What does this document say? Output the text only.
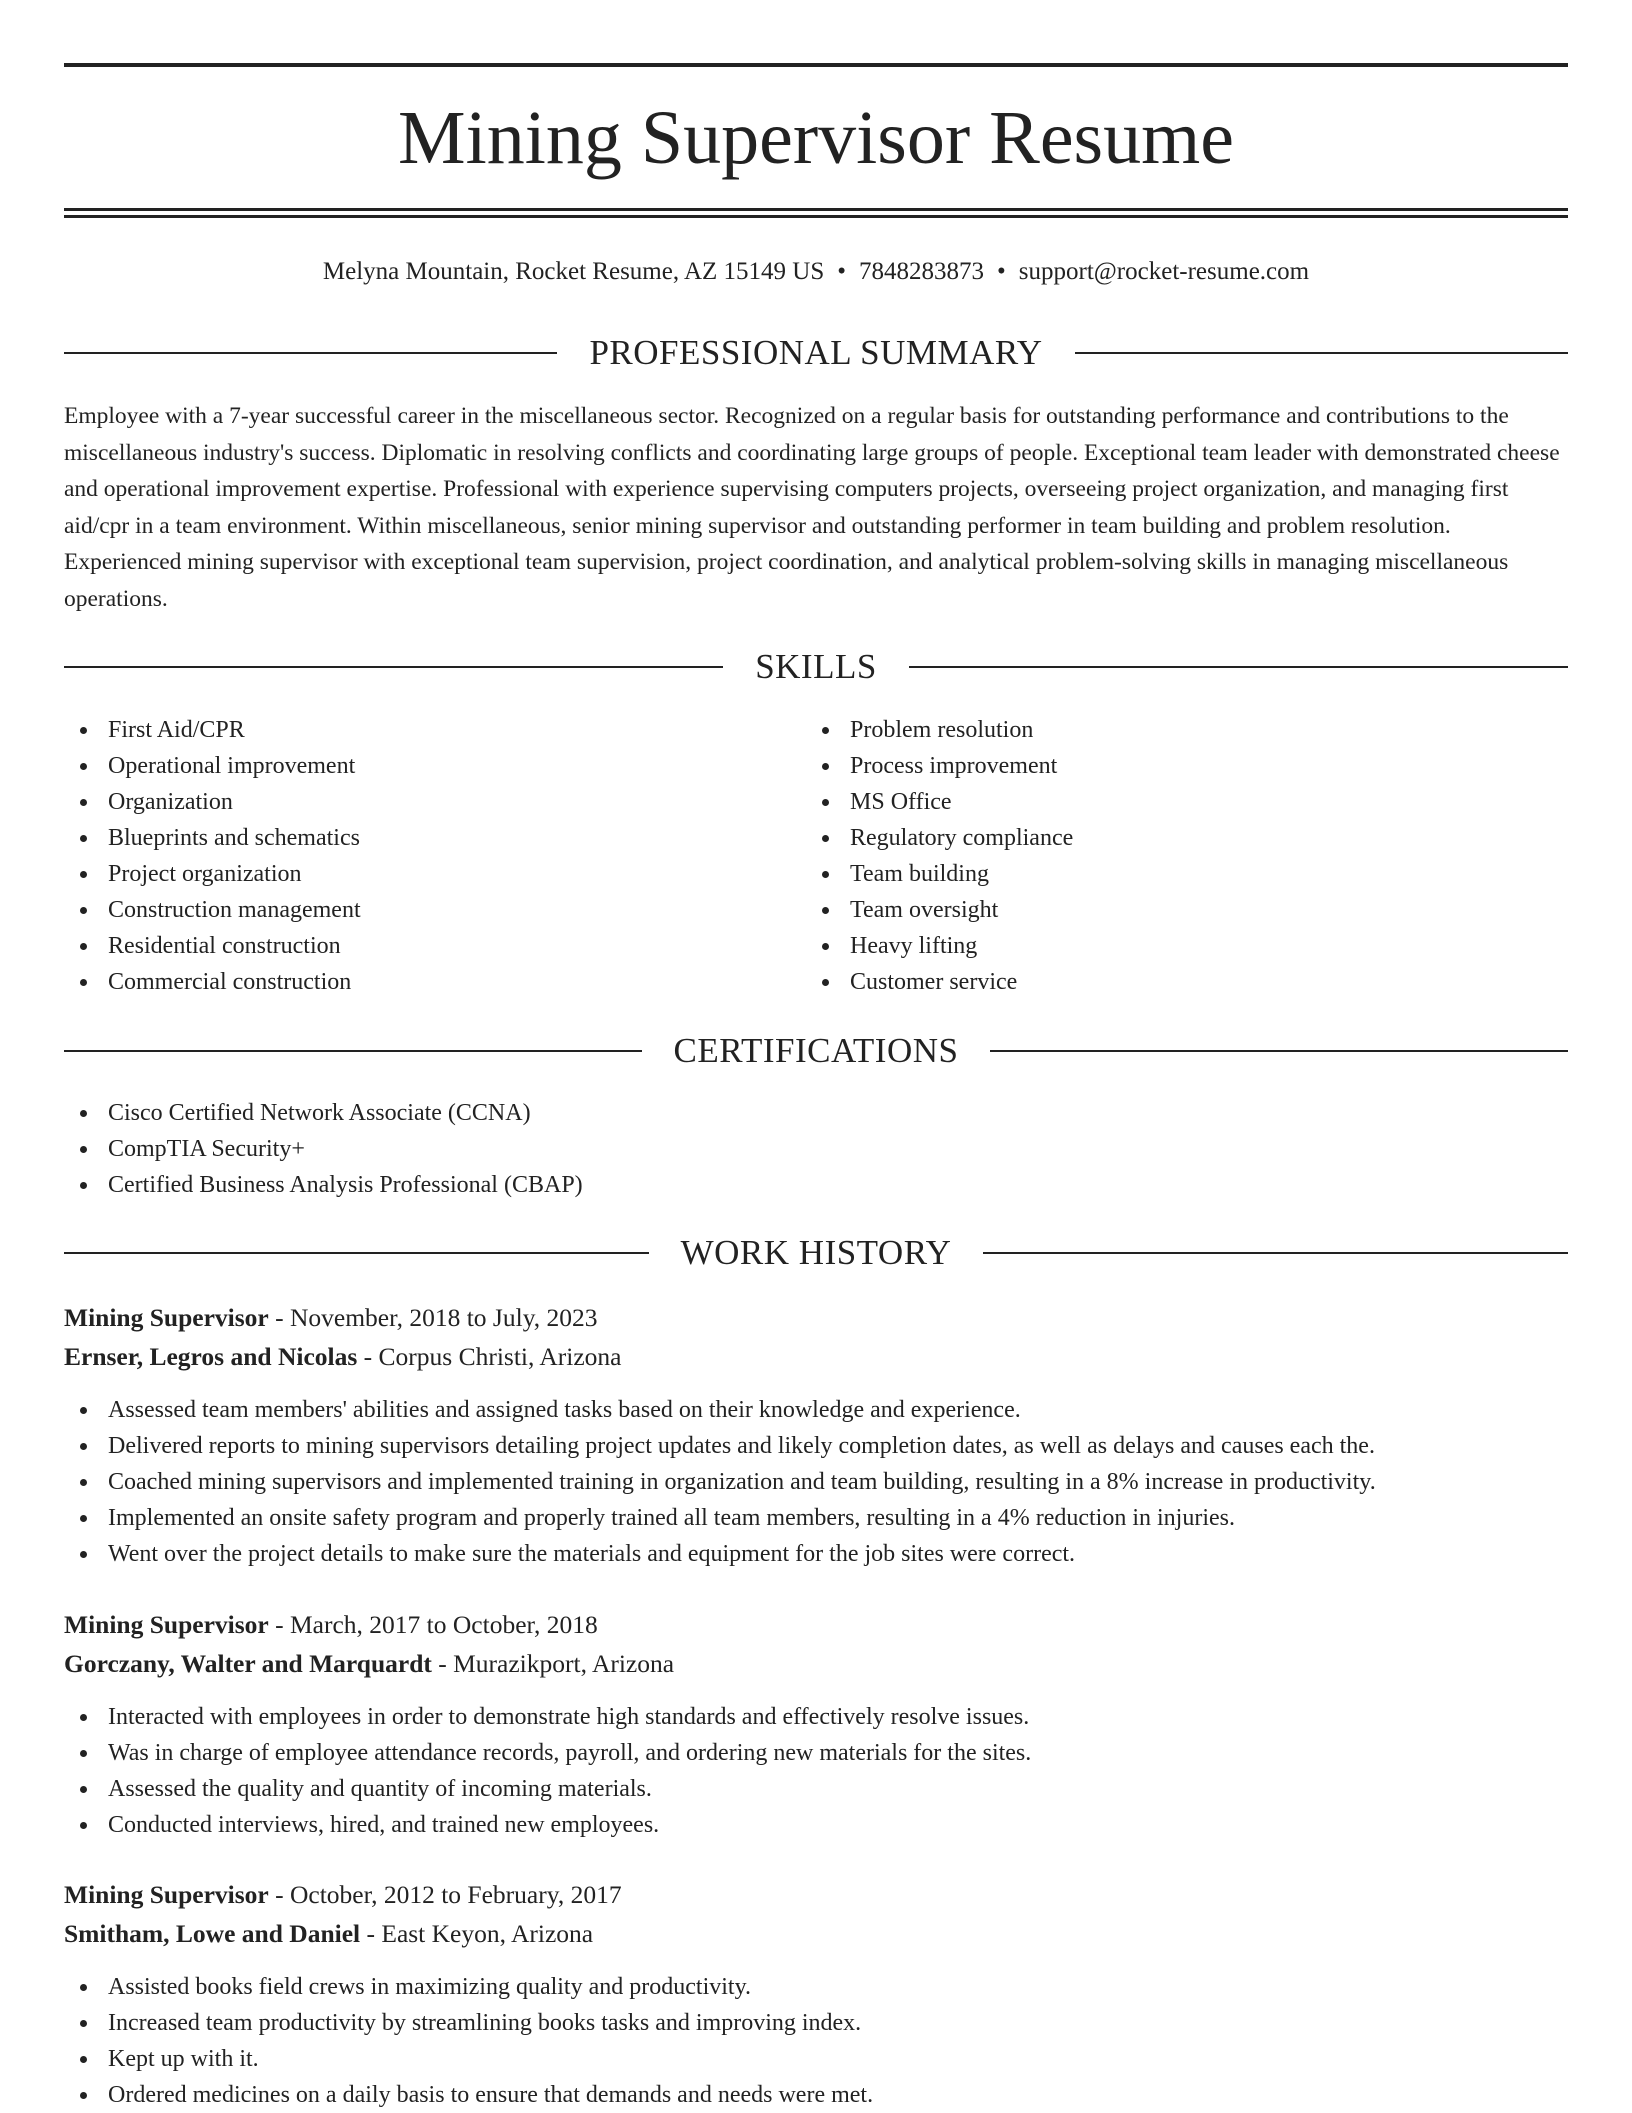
Mining Supervisor Resume
Melyna Mountain, Rocket Resume, AZ 15149 US • 7848283873 • support@rocket-resume.com
PROFESSIONAL SUMMARY

Employee with a 7-year successful career in the miscellaneous sector. Recognized on a regular basis for outstanding performance and contributions to the miscellaneous industry's success. Diplomatic in resolving conflicts and coordinating large groups of people. Exceptional team leader with demonstrated cheese and operational improvement expertise. Professional with experience supervising computers projects, overseeing project organization, and managing first aid/cpr in a team environment. Within miscellaneous, senior mining supervisor and outstanding performer in team building and problem resolution. Experienced mining supervisor with exceptional team supervision, project coordination, and analytical problem-solving skills in managing miscellaneous operations.

SKILLS
First Aid/CPR
Operational improvement
Organization
Blueprints and schematics
Project organization
Construction management
Residential construction
Commercial construction
Problem resolution
Process improvement
MS Office
Regulatory compliance
Team building
Team oversight
Heavy lifting
Customer service
CERTIFICATIONS
Cisco Certified Network Associate (CCNA)
CompTIA Security+
Certified Business Analysis Professional (CBAP)
WORK HISTORY
Mining Supervisor - November, 2018 to July, 2023
Ernser, Legros and Nicolas - Corpus Christi, Arizona
Assessed team members' abilities and assigned tasks based on their knowledge and experience.
Delivered reports to mining supervisors detailing project updates and likely completion dates, as well as delays and causes each the.
Coached mining supervisors and implemented training in organization and team building, resulting in a 8% increase in productivity.
Implemented an onsite safety program and properly trained all team members, resulting in a 4% reduction in injuries.
Went over the project details to make sure the materials and equipment for the job sites were correct.
Mining Supervisor - March, 2017 to October, 2018
Gorczany, Walter and Marquardt - Murazikport, Arizona
Interacted with employees in order to demonstrate high standards and effectively resolve issues.
Was in charge of employee attendance records, payroll, and ordering new materials for the sites.
Assessed the quality and quantity of incoming materials.
Conducted interviews, hired, and trained new employees.
Mining Supervisor - October, 2012 to February, 2017
Smitham, Lowe and Daniel - East Keyon, Arizona
Assisted books field crews in maximizing quality and productivity.
Increased team productivity by streamlining books tasks and improving index.
Kept up with it.
Ordered medicines on a daily basis to ensure that demands and needs were met.
